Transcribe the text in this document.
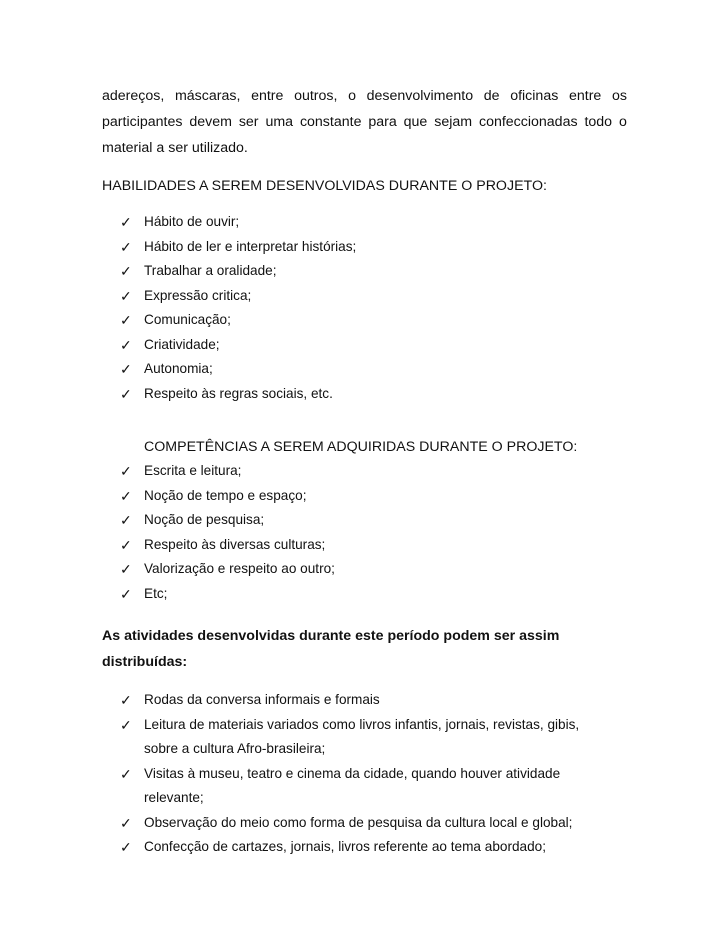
adereços, máscaras, entre outros, o desenvolvimento de oficinas entre os
participantes devem ser uma constante para que sejam confeccionadas todo o
material a ser utilizado.
HABILIDADES A SEREM DESENVOLVIDAS DURANTE O PROJETO:
✓ Hábito de ouvir;
✓ Hábito de ler e interpretar histórias;
✓ Trabalhar a oralidade;
✓ Expressão critica;
✓ Comunicação;
✓ Criatividade;
✓ Autonomia;
✓ Respeito às regras sociais, etc.
COMPETÊNCIAS A SEREM ADQUIRIDAS DURANTE O PROJETO:
✓ Escrita e leitura;
✓ Noção de tempo e espaço;
✓ Noção de pesquisa;
✓ Respeito às diversas culturas;
✓ Valorização e respeito ao outro;
✓ Etc;
As atividades desenvolvidas durante este período podem ser assim
distribuídas:
✓ Rodas da conversa informais e formais
✓ Leitura de materiais variados como livros infantis, jornais, revistas, gibis,
sobre a cultura Afro-brasileira;
✓ Visitas à museu, teatro e cinema da cidade, quando houver atividade
relevante;
✓ Observação do meio como forma de pesquisa da cultura local e global;
✓ Confecção de cartazes, jornais, livros referente ao tema abordado;
